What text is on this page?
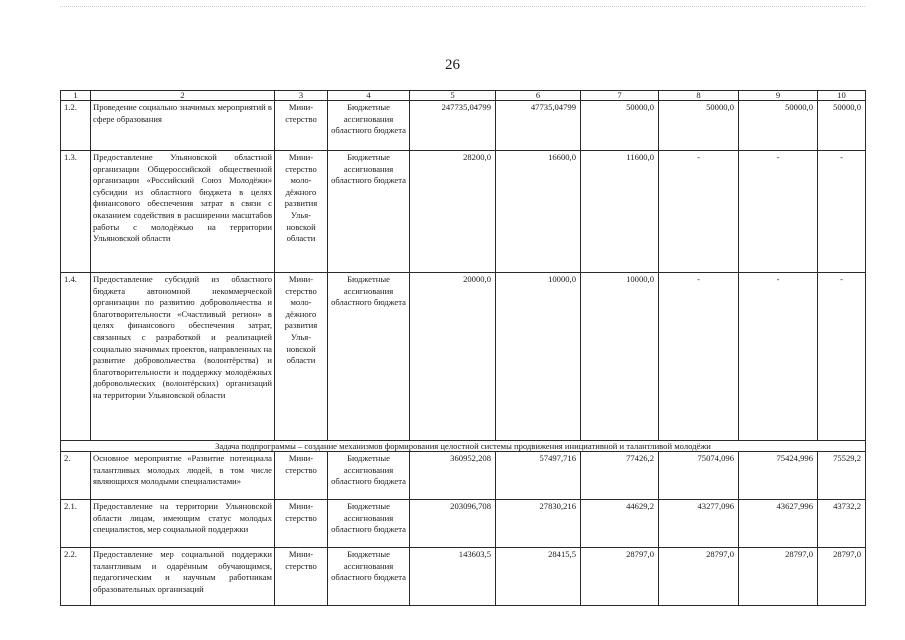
26
1	2	3	4	5	6	7	8	9	10
1.2.	Проведение социально значимых мероприятий в сфере образования	Мини-стерство	Бюджетные ассигнования областного бюджета	247735,04799	47735,04799	50000,0	50000,0	50000,0	50000,0
1.3.	Предоставление Ульяновской областной организации Общероссийской общественной организации «Российский Союз Молодёжи» субсидии из областного бюджета в целях финансового обеспечения затрат в связи с оказанием содействия в расширении масштабов работы с молодёжью на территории Ульяновской области	Мини-стерство моло-дёжного развития Улья-новской области	Бюджетные ассигнования областного бюджета	28200,0	16600,0	11600,0	-	-	-
1.4.	Предоставление субсидий из областного бюджета автономной некоммерческой организации по развитию добровольчества и благотворительности «Счастливый регион» в целях финансового обеспечения затрат, связанных с разработкой и реализацией социально значимых проектов, направленных на развитие добровольчества (волонтёрства) и благотворительности и поддержку молодёжных добровольческих (волонтёрских) организаций на территории Ульяновской области	Мини-стерство моло-дёжного развития Улья-новской области	Бюджетные ассигнования областного бюджета	20000,0	10000,0	10000,0	-	-	-
Задача подпрограммы – создание механизмов формирования целостной системы продвижения инициативной и талантливой молодёжи									
2.	Основное мероприятие «Развитие потенциала талантливых молодых людей, в том числе являющихся молодыми специалистами»	Мини-стерство	Бюджетные ассигнования областного бюджета	360952,208	57497,716	77426,2	75074,096	75424,996	75529,2
2.1.	Предоставление на территории Ульяновской области лицам, имеющим статус молодых специалистов, мер социальной поддержки	Мини-стерство	Бюджетные ассигнования областного бюджета	203096,708	27830,216	44629,2	43277,096	43627,996	43732,2
2.2.	Предоставление мер социальной поддержки талантливым и одарённым обучающимся, педагогическим и научным работникам образовательных организаций	Мини-стерство	Бюджетные ассигнования областного бюджета	143603,5	28415,5	28797,0	28797,0	28797,0	28797,0
